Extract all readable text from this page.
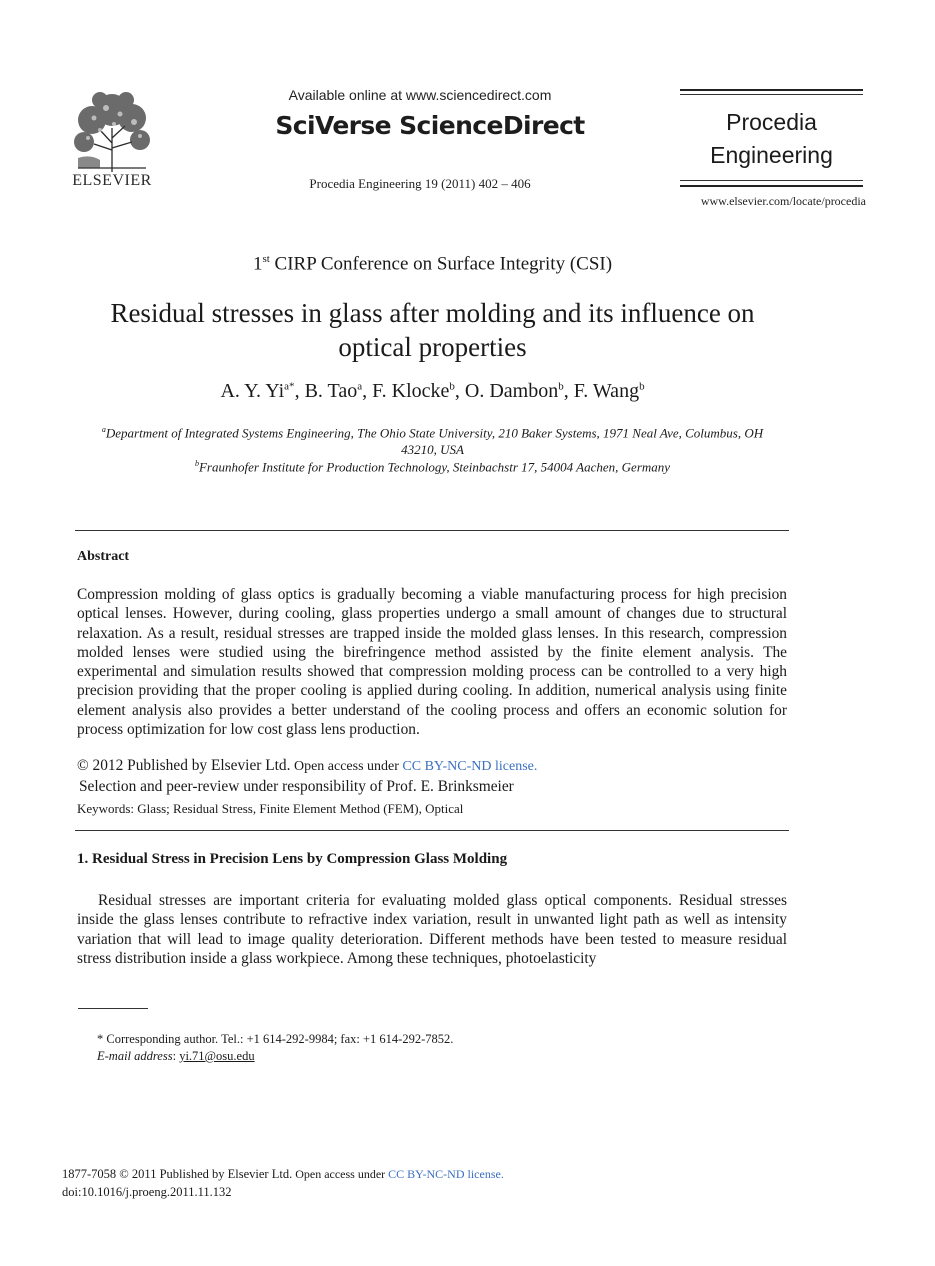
ELSEVIER
Available online at www.sciencedirect.com
SciVerse ScienceDirect
Procedia Engineering 19 (2011) 402 – 406
Procedia
Engineering
www.elsevier.com/locate/procedia
1st CIRP Conference on Surface Integrity (CSI)
Residual stresses in glass after molding and its influence on
optical properties
A. Y. $Yi^{a*}$, B. Tao$^a$, F. Klocke$^b$, O. Dambon$^b$, F. Wang$^b$
$^a$Department of Integrated Systems Engineering, The Ohio State University, 210 Baker Systems, 1971 Neal Ave, Columbus, OH
43210, USA
$^b$Fraunhofer Institute for Production Technology, Steinbachstr 17, 54004 Aachen, Germany
Abstract
Compression molding of glass optics is gradually becoming a viable manufacturing process for high precision optical lenses. However, during cooling, glass properties undergo a small amount of changes due to structural relaxation. As a result, residual stresses are trapped inside the molded glass lenses. In this research, compression molded lenses were studied using the birefringence method assisted by the finite element analysis. The experimental and simulation results showed that compression molding process can be controlled to a very high precision providing that the proper cooling is applied during cooling. In addition, numerical analysis using finite element analysis also provides a better understand of the cooling process and offers an economic solution for process optimization for low cost glass lens production.
© 2012 Published by Elsevier Ltd. Open access under CC BY-NC-ND license.
Selection and peer-review under responsibility of Prof. E. Brinksmeier
Keywords: Glass; Residual Stress, Finite Element Method (FEM), Optical
1. Residual Stress in Precision Lens by Compression Glass Molding
Residual stresses are important criteria for evaluating molded glass optical components. Residual stresses inside the glass lenses contribute to refractive index variation, result in unwanted light path as well as intensity variation that will lead to image quality deterioration. Different methods have been tested to measure residual stress distribution inside a glass workpiece. Among these techniques, photoelasticity
* Corresponding author. Tel.: +1 614-292-9984; fax: +1 614-292-7852.
E-mail address: yi.71@osu.edu
1877-7058 © 2011 Published by Elsevier Ltd. Open access under CC BY-NC-ND license.
doi:10.1016/j.proeng.2011.11.132
